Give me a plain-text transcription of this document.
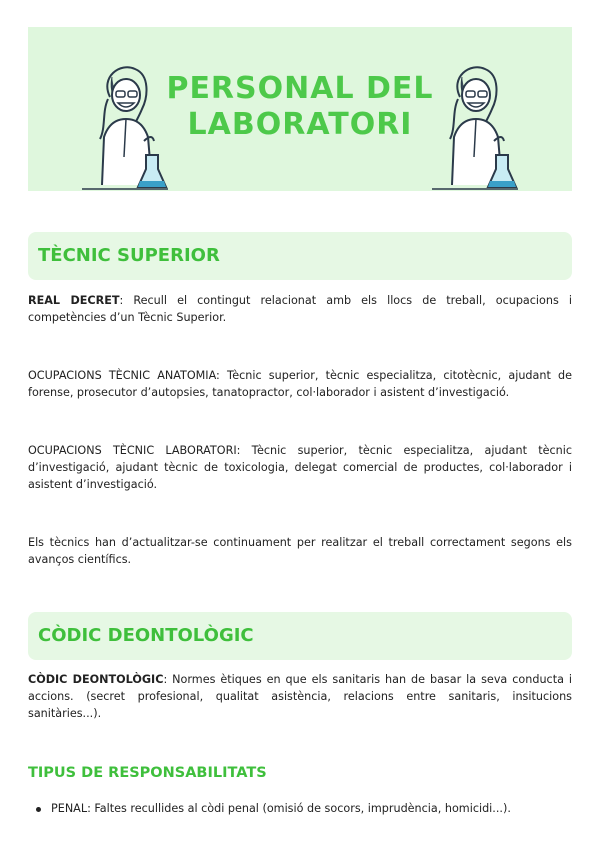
PERSONAL DEL
LABORATORI
TÈCNIC SUPERIOR
REAL DECRET: Recull el contingut relacionat amb els llocs de treball, ocupacions i competències d’un Tècnic Superior.
OCUPACIONS TÈCNIC ANATOMIA: Tècnic superior, tècnic especialitza, citotècnic, ajudant de forense, prosecutor d’autopsies, tanatopractor, col·laborador i asistent d’investigació.
OCUPACIONS TÈCNIC LABORATORI: Tècnic superior, tècnic especialitza, ajudant tècnic d’investigació, ajudant tècnic de toxicologia, delegat comercial de productes, col·laborador i asistent d’investigació.
Els tècnics han d’actualitzar-se continuament per realitzar el treball correctament segons els avanços científics.
CÒDIC DEONTOLÒGIC
CÒDIC DEONTOLÒGIC: Normes ètiques en que els sanitaris han de basar la seva conducta i accions. (secret profesional, qualitat asistència, relacions entre sanitaris, insitucions sanitàries...).
TIPUS DE RESPONSABILITATS
PENAL: Faltes recullides al còdi penal (omisió de socors, imprudència, homicidi...).
